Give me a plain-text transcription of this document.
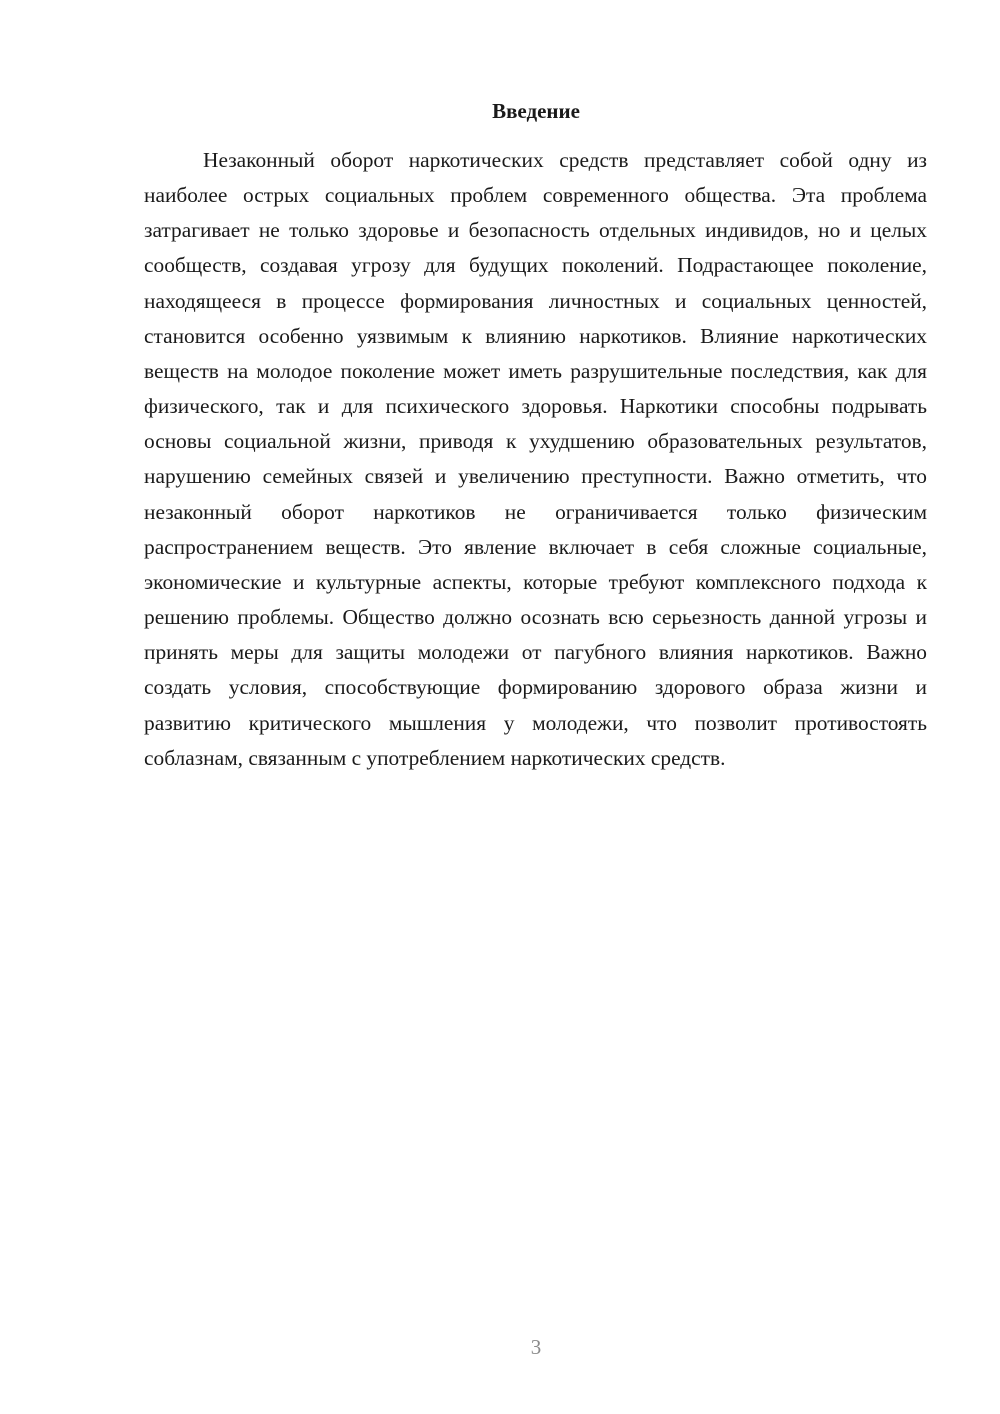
Введение

Незаконный оборот наркотических средств представляет собой одну из наиболее острых социальных проблем современного общества. Эта проблема затрагивает не только здоровье и безопасность отдельных индивидов, но и целых сообществ, создавая угрозу для будущих поколений. Подрастающее поколение, находящееся в процессе формирования личностных и социальных ценностей, становится особенно уязвимым к влиянию наркотиков. Влияние наркотических веществ на молодое поколение может иметь разрушительные последствия, как для физического, так и для психического здоровья. Наркотики способны подрывать основы социальной жизни, приводя к ухудшению образовательных результатов, нарушению семейных связей и увеличению преступности. Важно отметить, что незаконный оборот наркотиков не ограничивается только физическим распространением веществ. Это явление включает в себя сложные социальные, экономические и культурные аспекты, которые требуют комплексного подхода к решению проблемы. Общество должно осознать всю серьезность данной угрозы и принять меры для защиты молодежи от пагубного влияния наркотиков. Важно создать условия, способствующие формированию здорового образа жизни и развитию критического мышления у молодежи, что позволит противостоять соблазнам, связанным с употреблением наркотических средств.

3
